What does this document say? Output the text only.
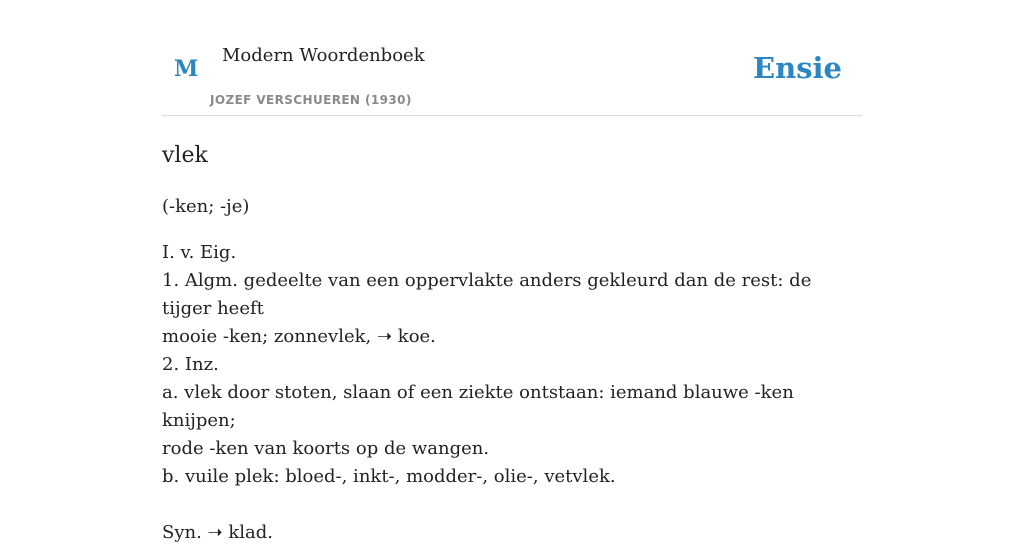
M
Modern Woordenboek
JOZEF VERSCHUEREN (1930)
Ensie
vlek
(-ken; -je)
I. v. Eig.
1. Algm. gedeelte van een oppervlakte anders gekleurd dan de rest: de tijger heeft
mooie -ken; zonnevlek, ➝ koe.
2. Inz.
a. vlek door stoten, slaan of een ziekte ontstaan: iemand blauwe -ken knijpen;
rode -ken van koorts op de wangen.
b. vuile plek: bloed-, inkt-, modder-, olie-, vetvlek.
Syn. ➝ klad.
